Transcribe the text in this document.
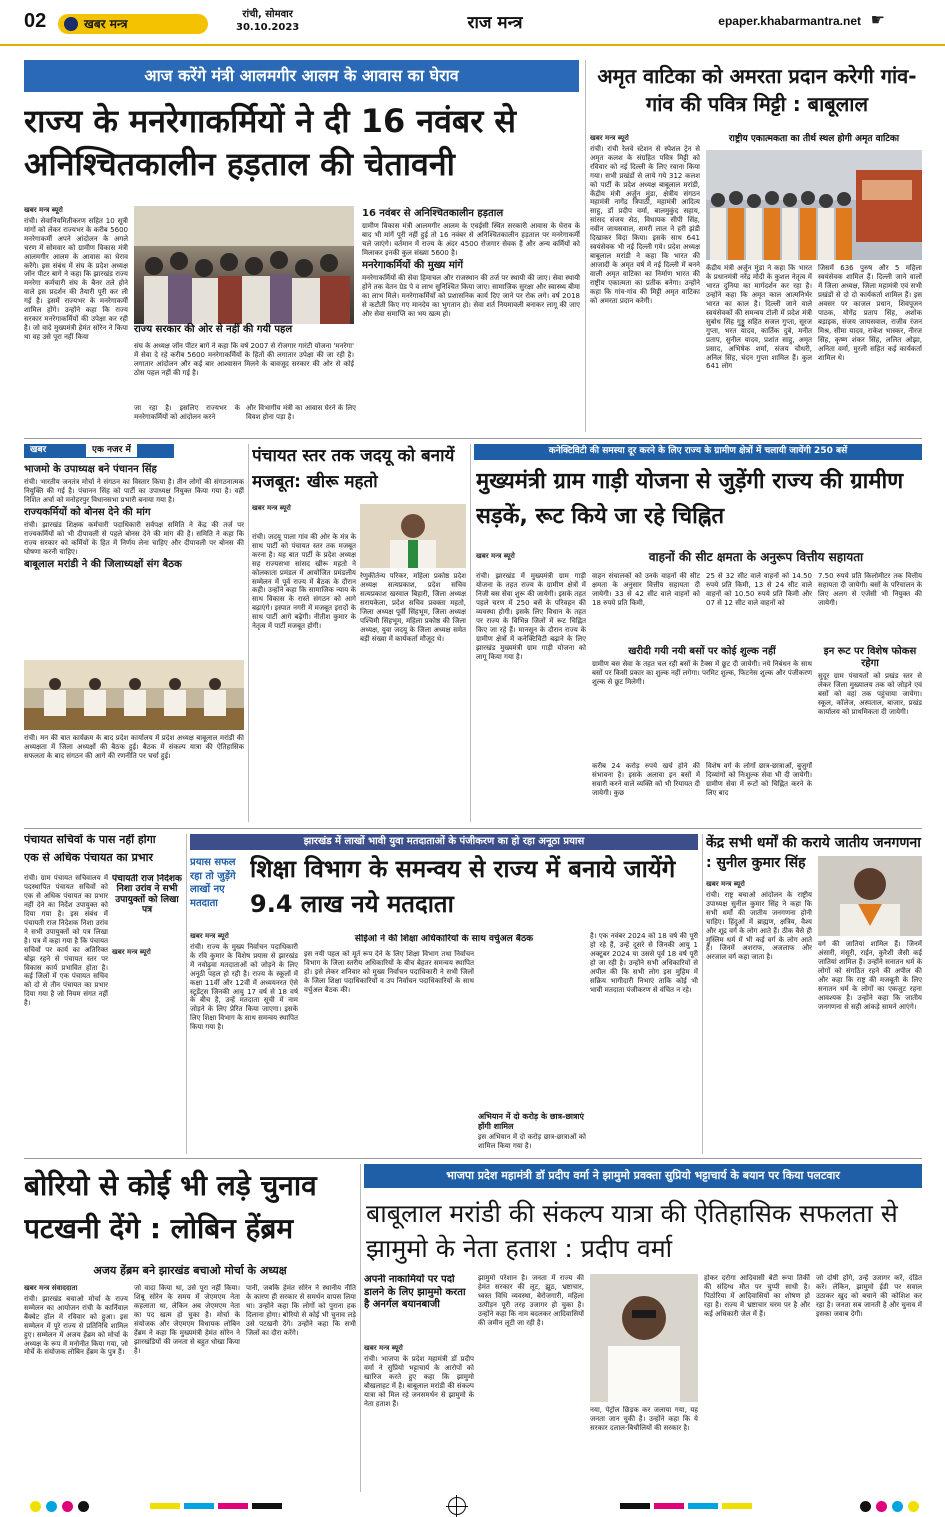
02	खबर मन्त्र
रांची, सोमवार
30.10.2023	राज मन्त्र	epaper.khabarmantra.net ☛
आज करेंगे मंत्री आलमगीर आलम के आवास का घेराव
राज्य के मनरेगाकर्मियों ने दी 16 नवंबर से अनिश्चितकालीन हड़ताल की चेतावनी
खबर मन्त्र ब्यूरो
रांची। सेवानियमितीकरण सहित 10 सूत्री मांगों को लेकर राज्यभर के करीब 5600 मनरेगाकर्मी अपने आंदोलन के अगले चरण में सोमवार को ग्रामीण विकास मंत्री आलमगीर आलम के आवास का घेराव करेंगे। इस संबंध में संघ के प्रदेश अध्यक्ष जॉन पीटर बागे ने कहा कि झारखंड राज्य मनरेगा कर्मचारी संघ के बैनर तले होने वाले इस प्रदर्शन की तैयारी पूरी कर ली गई है। इसमें राज्यभर के मनरेगाकर्मी शामिल होंगे। उन्होंने कहा कि राज्य सरकार मनरेगाकर्मियों की उपेक्षा कर रही है। जो वादे मुख्यमंत्री हेमंत सोरेन ने किया था वह उसे पूरा नहीं किया
राज्य सरकार की ओर से नहीं की गयी पहल
संघ के अध्यक्ष जॉन पीटर बागे ने कहा कि वर्ष 2007 से रोजगार गारंटी योजना 'मनरेगा' में सेवा दे रहे करीब 5600 मनरेगाकर्मियों के हितों की लगातार उपेक्षा की जा रही है। लगातार आंदोलन और कई बार आश्वासन मिलने के बावजूद सरकार की ओर से कोई ठोस पहल नहीं की गई है।
जा रहा है। इसलिए राज्यभर के मनरेगाकर्मियों को आंदोलन करने
और विभागीय मंत्री का आवास घेरने के लिए विवश होना पड़ा है।
16 नवंबर से अनिश्चितकालीन हड़ताल
ग्रामीण विकास मंत्री आलमगीर आलम के एचईसी स्थित सरकारी आवास के घेराव के बाद भी मांगें पूरी नहीं हुई तो 16 नवंबर से अनिश्चितकालीन हड़ताल पर मनरेगाकर्मी चले जाएंगे। वर्तमान में राज्य के अंदर 4500 रोजगार सेवक हैं और अन्य कर्मियों को मिलाकर इनकी कुल संख्या 5600 है।
मनरेगाकर्मियों की मुख्य मांगें
मनरेगाकर्मियों की सेवा हिमाचल और राजस्थान की तर्ज पर स्थायी की जाए। सेवा स्थायी होने तक वेतन ग्रेड पे व लाभ सुनिश्चित किया जाए। सामाजिक सुरक्षा और स्वास्थ्य बीमा का लाभ मिले। मनरेगाकर्मियों को प्रशासनिक कार्य दिए जाने पर रोक लगे। वर्ष 2018 से कटौती किए गए मानदेय का भुगतान हो। सेवा शर्त नियमावली बनाकर लागू की जाए और सेवा समाप्ति का भय खत्म हो।
अमृत वाटिका को अमरता प्रदान करेगी गांव-गांव की पवित्र मिट्टी : बाबूलाल
खबर मन्त्र ब्यूरो
रांची। रांची रेलवे स्टेशन से स्पेशल ट्रेन से अमृत कलश के संग्रहित पवित्र मिट्टी को रविवार को नई दिल्ली के लिए रवाना किया गया। सभी प्रखंडों से लाये गये 312 कलश को पार्टी के प्रदेश अध्यक्ष बाबूलाल मरांडी, केंद्रीय मंत्री अर्जुन मुंडा, क्षेत्रीय संगठन महामंत्री नागेंद्र त्रिपाठी, महामंत्री आदित्य साहु, डॉ प्रदीप वर्मा, बालमुकुंद सहाय, सांसद संजय सेठ, विधायक सीपी सिंह, नवीन जायसवाल, समरी लाल ने हरी झंडी दिखाकर विदा किया। इसके साथ 641 स्वयंसेवक भी नई दिल्ली गये। प्रदेश अध्यक्ष बाबूलाल मरांडी ने कहा कि भारत की आजादी के अमृत वर्ष में नई दिल्ली में बनने वाली अमृत वाटिका का निर्माण भारत की राष्ट्रीय एकात्मता का प्रतीक बनेगा। उन्होंने कहा कि गांव-गांव की मिट्टी अमृत वाटिका को अमरता प्रदान करेगी।
राष्ट्रीय एकात्मकता का तीर्थ स्थल होगी अमृत वाटिका
केंद्रीय मंत्री अर्जुन मुंडा ने कहा कि भारत के प्रधानमंत्री नरेंद्र मोदी के कुशल नेतृत्व में भारत दुनिया का मार्गदर्शन कर रहा है। उन्होंने कहा कि अमृत काल आत्मनिर्भर भारत का काल है। दिल्ली जाने वाले स्वयंसेवकों की समन्वय टोली में प्रदेश मंत्री सुबोध सिंह गुड्डू सहित सजल गुप्ता, सूरज गुप्ता, भरत यादव, कार्तिक दुबे, मनीत प्रताप, सुनील यादव, प्रशांत साहु, अमृत प्रसाद, अभिषेक शर्मा, संजय चौधरी, अनिल सिंह, चंदन गुप्ता शामिल हैं। कुल 641 लोग
जिसमें 636 पुरुष और 5 महिला स्वयंसेवक शामिल हैं। दिल्ली जाने वालों में जिला अध्यक्ष, जिला महामंत्री एवं सभी प्रखंडों से दो दो कार्यकर्ता शामिल हैं। इस अवसर पर काजल प्रधान, शिवपूजन पाठक, योगेंद्र प्रताप सिंह, अशोक बड़ाइक, संजय जायसवाल, राजीव रंजन मिश्र, सीमा यादव, राकेश भास्कर, नीरज सिंह, कृष्ण शंकर सिंह, ललित ओझा, अनिता वर्मा, मुरली सहित कई कार्यकर्ता शामिल थे।
खबर	एक नजर में
भाजमो के उपाध्यक्ष बने पंचानन सिंह
रांची। भारतीय जनतंत्र मोर्चा ने संगठन का विस्तार किया है। तीन लोगों की संगठनात्मक नियुक्ति की गई है। पंचानन सिंह को पार्टी का उपाध्यक्ष नियुक्त किया गया है। वहीं निशित अर्चा को मनोहरपुर विधानसभा प्रभारी बनाया गया है।
राज्यकर्मियों को बोनस देने की मांग
रांची। झारखंड शिक्षक कर्मचारी पदाधिकारी सर्वपक्ष समिति ने केंद्र की तर्ज पर राज्यकर्मियों को भी दीपावली से पहले बोनस देने की मांग की है। समिति ने कहा कि राज्य सरकार को कर्मियों के हित में निर्णय लेना चाहिए और दीपावली पर बोनस की घोषणा करनी चाहिए।
बाबूलाल मरांडी ने की जिलाध्यक्षों संग बैठक
रांची। मन की बात कार्यक्रम के बाद प्रदेश कार्यालय में प्रदेश अध्यक्ष बाबूलाल मरांडी की अध्यक्षता में जिला अध्यक्षों की बैठक हुई। बैठक में संकल्प यात्रा की ऐतिहासिक सफलता के बाद संगठन की आगे की रणनीति पर चर्चा हुई।
पंचायत स्तर तक जदयू को बनायें मजबूत: खीरू महतो
खबर मन्त्र ब्यूरो
रांची। जदयू पाला गांव की ओर के मंत्र के साथ पार्टी को पंचायत स्तर तक मजबूत करना है। यह बात पार्टी के प्रदेश अध्यक्ष सह राज्यसभा सांसद खीरू महतो ने कोलकाता प्रमंडल में आयोजित प्रमंडलीय सम्मेलन में पूर्व राज्य में बैठक के दौरान कही। उन्होंने कहा कि सामाजिक न्याय के साथ विकास के रास्ते संगठन को आगे बढ़ाएंगे। इस्पात नगरी में मजबूत इरादों के साथ पार्टी आगे बढ़ेगी। नीतीश कुमार के नेतृत्व में पार्टी मजबूत होगी।
रेणुकीर्तन्य परिकर, महिला प्रकोष्ठ प्रदेश अध्यक्ष सत्यप्रकाश, प्रदेश सचिव सत्यप्रकाश खरवाल बिहारी, जिला अध्यक्ष सरायकेला, प्रदेश सचिव प्रवक्ता महतो, जिला अध्यक्ष पूर्वी सिंहभूम, जिला अध्यक्ष पश्चिमी सिंहभूम, महिला प्रकोष्ठ की जिला अध्यक्ष, युवा जदयू के जिला अध्यक्ष समेत बड़ी संख्या में कार्यकर्ता मौजूद थे।
कनेक्टिविटी की समस्या दूर करने के लिए राज्य के ग्रामीण क्षेत्रों में चलायी जायेंगी 250 बसें
मुख्यमंत्री ग्राम गाड़ी योजना से जुड़ेंगी राज्य की ग्रामीण सड़कें, रूट किये जा रहे चिह्नित
खबर मन्त्र ब्यूरो	वाहनों की सीट क्षमता के अनुरूप वित्तीय सहायता
रांची। झारखंड में मुख्यमंत्री ग्राम गाड़ी योजना के तहत राज्य के ग्रामीण क्षेत्रों में निजी बस सेवा शुरू की जायेगी। इसके तहत पहले चरण में 250 बसें के परिवहन की व्यवस्था होगी। इसके लिए विधान के तहत पर राज्य के विभिन्न जिलों में रूट चिह्नित किए जा रहे हैं। मानसून के दौरान राज्य के ग्रामीण क्षेत्रों में कनेक्टिविटी बढ़ाने के लिए झारखंड मुख्यमंत्री ग्राम गाड़ी योजना को लागू किया गया है।
वाहन संचालकों को उनके वाहनों की सीट क्षमता के अनुसार वित्तीय सहायता दी जायेगी। 33 से 42 सीट वाले वाहनों को 18 रुपये प्रति किमी,
25 से 32 सीट वाले वाहनों को 14.50 रुपये प्रति किमी, 13 से 24 सीट वाले वाहनों को 10.50 रुपये प्रति किमी और 07 से 12 सीट वाले वाहनों को
7.50 रुपये प्रति किलोमीटर तक वित्तीय सहायता दी जायेगी। बसों के परिचालन के लिए अलग से एजेंसी भी नियुक्त की जायेगी।
खरीदी गयी नयी बसों पर कोई शुल्क नहीं
ग्रामीण बस सेवा के तहत चल रही बसों के टैक्स में छूट दी जायेगी। नये निबंधन के साथ बसों पर किसी प्रकार का शुल्क नहीं लगेगा। परमिट शुल्क, फिटनेस शुल्क और पंजीकरण शुल्क से छूट मिलेगी।
इन रूट पर विशेष फोकस रहेगा
सुदूर ग्राम पंचायतों को प्रखंड स्तर से लेकर जिला मुख्यालय तक को जोड़ने एवं बसों को वहां तक पहुंचाया जायेगा। स्कूल, कॉलेज, अस्पताल, बाजार, प्रखंड कार्यालय को प्राथमिकता दी जायेगी।
करीब 24 करोड़ रुपये खर्च होने की संभावना है। इसके अलावा इन बसों में सवारी करने वाले व्यक्ति को भी रियायत दी जायेगी। कुछ
विशेष वर्ग के लोगों छात्र-छात्राओं, बुजुर्गों दिव्यांगों को निःशुल्क सेवा भी दी जायेगी। ग्रामीण सेवा में रूटों को चिह्नित करने के लिए बाद
पंचायत सचिवों के पास नहीं होगा
एक से अधिक पंचायत का प्रभार
पंचायती राज निदेशक निशा उरांव ने सभी उपायुक्तों को लिखा पत्र
रांची। ग्राम पंचायत सचिवालय में पदस्थापित पंचायत सचिवों को एक से अधिक पंचायत का प्रभार नहीं देने का निर्देश उपायुक्त को दिया गया है। इस संबंध में पंचायती राज निदेशक निशा उरांव ने सभी उपायुक्तों को पत्र लिखा है। पत्र में कहा गया है कि पंचायत सचिवों पर कार्य का अतिरिक्त बोझ रहने से पंचायत स्तर पर विकास कार्य प्रभावित होता है। कई जिलों में एक पंचायत सचिव को दो से तीन पंचायत का प्रभार दिया गया है जो नियम संगत नहीं है।
खबर मन्त्र ब्यूरो
झारखंड में लाखों भावी युवा मतदाताओं के पंजीकरण का हो रहा अनूठा प्रयास
प्रयास सफल रहा तो जुड़ेंगे लाखों नए मतदाता
शिक्षा विभाग के समन्वय से राज्य में बनाये जायेंगे 9.4 लाख नये मतदाता
खबर मन्त्र ब्यूरो
रांची। राज्य के मुख्य निर्वाचन पदाधिकारी के रवि कुमार के विशेष प्रयास से झारखंड में नवोढ़ुवा मतदाताओं को जोड़ने के लिए अनूठी पहल हो रही है। राज्य के स्कूलों में कक्षा 11वीं और 12वीं में अध्ययनरत ऐसे स्टूडेंट्स जिनकी आयु 17 वर्ष से 18 वर्ष के बीच है, उन्हें मतदाता सूची में नाम जोड़ने के लिए प्रेरित किया जाएगा। इसके लिए शिक्षा विभाग के साथ समन्वय स्थापित किया गया है।
सीईओ ने की शिक्षा अधिकारियों के साथ वर्चुअल बैठक
इस नयी पहल को मूर्त रूप देने के लिए शिक्षा विभाग तथा निर्वाचन विभाग के जिला स्तरीय अधिकारियों के बीच बेहतर समन्वय स्थापित हो। इसे लेकर शनिवार को मुख्य निर्वाचन पदाधिकारी ने सभी जिलों के जिला शिक्षा पदाधिकारियों व उप निर्वाचन पदाधिकारियों के साथ वर्चुअल बैठक की।
है। एक नवंबर 2024 को 18 वर्ष की पूरी हो रहे हैं, उन्हें दूसरे से जिनकी आयु 1 अक्टूबर 2024 या उससे पूर्व 18 वर्ष पूरी हो जा रही है। उन्होंने सभी अधिकारियों से अपील की कि सभी लोग इस मुहिम में सक्रिय भागीदारी निभाएं ताकि कोई भी भावी मतदाता पंजीकरण से वंचित न रहे।
अभियान में दो करोड़ के छात्र-छात्राएं होंगी शामिल
इस अभियान में दो करोड़ छात्र-छात्राओं को शामिल किया गया है।
केंद्र सभी धर्मों की कराये जातीय जनगणना : सुनील कुमार सिंह
खबर मन्त्र ब्यूरो
रांची। राष्ट्र बचाओ आंदोलन के राष्ट्रीय उपाध्यक्ष सुनील कुमार सिंह ने कहा कि सभी धर्मों की जातीय जनगणना होनी चाहिए। हिंदुओं में ब्राह्मण, क्षत्रिय, वैश्य और शूद्र वर्ग के लोग आते हैं। ठीक वैसे ही मुस्लिम धर्म में भी कई वर्ग के लोग आते हैं। जिनमें अशराफ, अजलाफ और अरजाल वर्ग कहा जाता है।
वर्ग की जातियां शामिल हैं। जिनमें अंसारी, मंसूरी, राईन, कुरैशी जैसी कई जातियां शामिल हैं। उन्होंने सनातन धर्म के लोगों को संगठित रहने की अपील की और कहा कि राष्ट्र की मजबूती के लिए सनातन धर्म के लोगों का एकजुट रहना आवश्यक है। उन्होंने कहा कि जातीय जनगणना से सही आंकड़े सामने आएंगे।
बोरियो से कोई भी लड़े चुनाव पटखनी देंगे : लोबिन हेंब्रम
अजय हेंब्रम बने झारखंड बचाओ मोर्चा के अध्यक्ष
खबर मन्त्र संवाददाता
रांची। झारखंड बचाओ मोर्चा के राज्य सम्मेलन का आयोजन रांची के कार्निवाल बैंक्वेट हॉल में रविवार को हुआ। इस सम्मेलन में पूरे राज्य से प्रतिनिधि शामिल हुए। सम्मेलन में अजय हेंब्रम को मोर्चा के अध्यक्ष के रूप में मनोनीत किया गया, जो मोर्चे के संयोजक लोबिन हेंब्रम के पुत्र हैं।
जो वादा किया था, उसे पूरा नहीं किया। शिबू सोरेन के समय में जेएमएम नेता कहलाता था, लेकिन अब जेएमएम नेता का पद खत्म हो चुका है। मोर्चा के संयोजक और जेएमएम विधायक लोबिन हेंब्रम ने कहा कि मुख्यमंत्री हेमंत सोरेन ने झारखंडियों की जनता से बहुत धोखा किया है।
पानी, जबकि हेमंत सोरेन ने स्थानीय नीति के कारण ही सरकार से समर्थन वापस लिया था। उन्होंने कहा कि लोगों को पुराना हक दिलाना होगा। बोरियो से कोई भी चुनाव लड़े उसे पटखनी देंगे। उन्होंने कहा कि सभी जिलों का दौरा करेंगे।
भाजपा प्रदेश महामंत्री डॉ प्रदीप वर्मा ने झामुमो प्रवक्ता सुप्रियो भट्टाचार्य के बयान पर किया पलटवार
बाबूलाल मरांडी की संकल्प यात्रा की ऐतिहासिक सफलता से झामुमो के नेता हताश : प्रदीप वर्मा
अपनी नाकामियों पर पर्दा डालने के लिए झामुमो करता है अनर्गल बयानबाजी
खबर मन्त्र ब्यूरो
रांची। भाजपा के प्रदेश महामंत्री डॉ प्रदीप वर्मा ने सुप्रियो भट्टाचार्य के आरोपों को खारिज करते हुए कहा कि झामुमो बौखलाहट में है। बाबूलाल मरांडी की संकल्प यात्रा को मिल रहे जनसमर्थन से झामुमो के नेता हताश हैं।
झामुमो परेशान है। जनता में राज्य की हेमंत सरकार की लूट, झूठ, भ्रष्टाचार, ध्वस्त विधि व्यवस्था, बेरोजगारी, महिला उत्पीड़न पूरी तरह उजागर हो चुका है। उन्होंने कहा कि नाम बदलकर आदिवासियों की जमीन लूटी जा रही है।
नया, पेट्रोल छिड़क कर जलाया गया, यह जनता जान चुकी है। उन्होंने कहा कि ये सरकार दलाल-बिचौलियों की सरकार है।
होकर दरोगा आदिवासी बेटी रूपा तिर्की की संदिग्ध मौत पर चुप्पी साधी है। पिठोरिया में आदिवासियों का शोषण हो रहा है। राज्य में भ्रष्टाचार चरम पर है और कई अधिकारी जेल में हैं।
जो दोषी होंगे, उन्हें उजागर करें, दंडित करें। लेकिन, झामुमो ईडी पर सवाल उठाकर खुद को बचाने की कोशिश कर रहा है। जनता सब जानती है और चुनाव में इसका जवाब देगी।
